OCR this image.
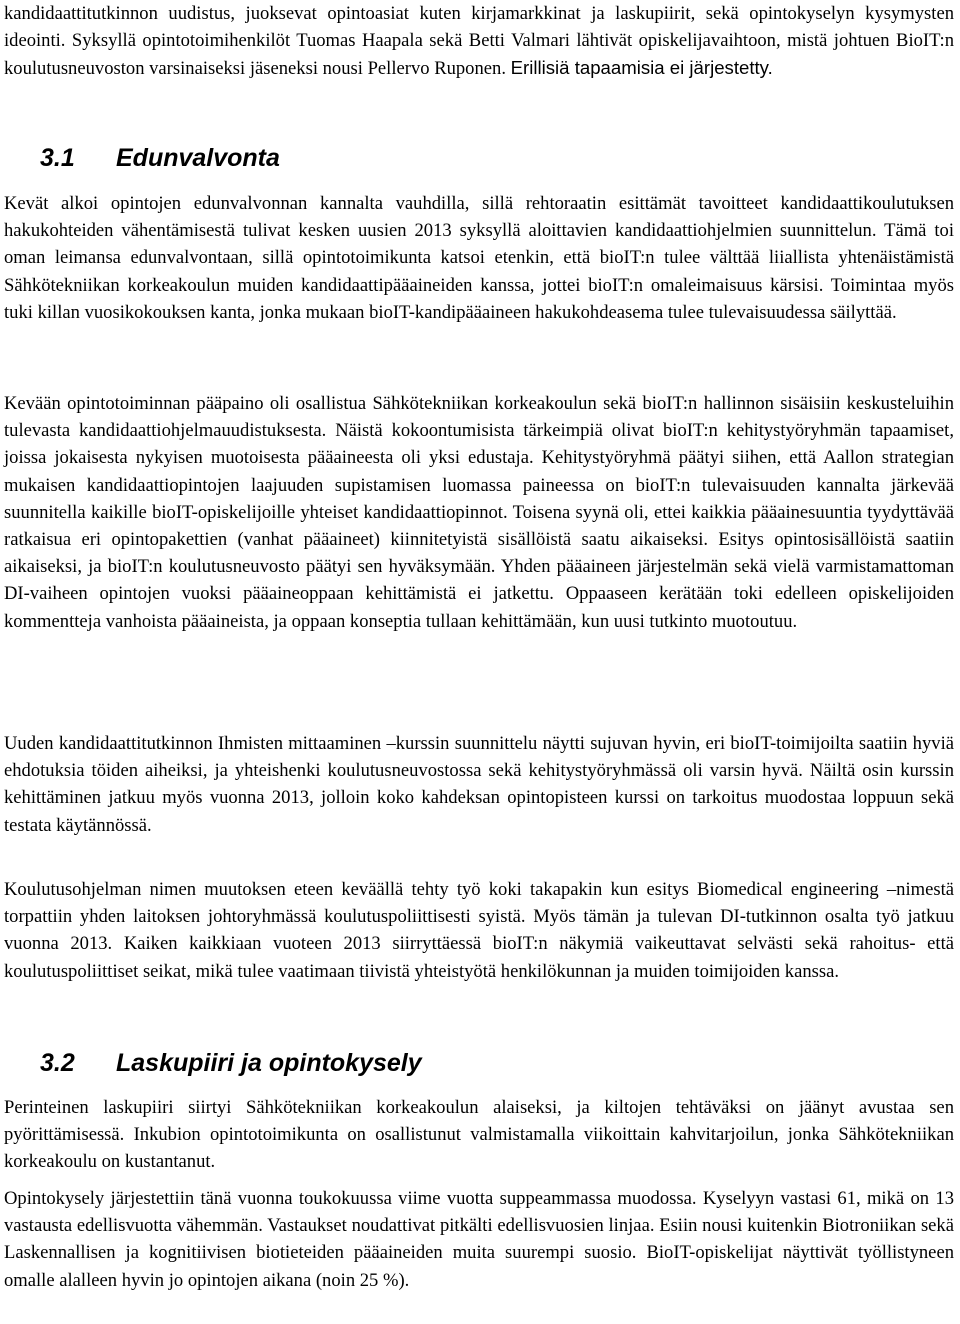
kandidaattitutkinnon uudistus, juoksevat opintoasiat kuten kirjamarkkinat ja laskupiirit, sekä opintokyselyn kysymysten ideointi. Syksyllä opintotoimihenkilöt Tuomas Haapala sekä Betti Valmari lähtivät opiskelijavaihtoon, mistä johtuen BioIT:n koulutusneuvoston varsinaiseksi jäseneksi nousi Pellervo Ruponen. Erillisiä tapaamisia ei järjestetty.

3.1 Edunvalvonta

Kevät alkoi opintojen edunvalvonnan kannalta vauhdilla, sillä rehtoraatin esittämät tavoitteet kandidaattikoulutuksen hakukohteiden vähentämisestä tulivat kesken uusien 2013 syksyllä aloittavien kandidaattiohjelmien suunnittelun. Tämä toi oman leimansa edunvalvontaan, sillä opintotoimikunta katsoi etenkin, että bioIT:n tulee välttää liiallista yhtenäistämistä Sähkötekniikan korkeakoulun muiden kandidaattipääaineiden kanssa, jottei bioIT:n omaleimaisuus kärsisi. Toimintaa myös tuki killan vuosikokouksen kanta, jonka mukaan bioIT-kandipääaineen hakukohdeasema tulee tulevaisuudessa säilyttää.

Kevään opintotoiminnan pääpaino oli osallistua Sähkötekniikan korkeakoulun sekä bioIT:n hallinnon sisäisiin keskusteluihin tulevasta kandidaattiohjelmauudistuksesta. Näistä kokoontumisista tärkeimpiä olivat bioIT:n kehitystyöryhmän tapaamiset, joissa jokaisesta nykyisen muotoisesta pääaineesta oli yksi edustaja. Kehitystyöryhmä päätyi siihen, että Aallon strategian mukaisen kandidaattiopintojen laajuuden supistamisen luomassa paineessa on bioIT:n tulevaisuuden kannalta järkevää suunnitella kaikille bioIT-opiskelijoille yhteiset kandidaattiopinnot. Toisena syynä oli, ettei kaikkia pääainesuuntia tyydyttävää ratkaisua eri opintopakettien (vanhat pääaineet) kiinnitetyistä sisällöistä saatu aikaiseksi. Esitys opintosisällöistä saatiin aikaiseksi, ja bioIT:n koulutusneuvosto päätyi sen hyväksymään. Yhden pääaineen järjestelmän sekä vielä varmistamattoman DI-vaiheen opintojen vuoksi pääaineoppaan kehittämistä ei jatkettu. Oppaaseen kerätään toki edelleen opiskelijoiden kommentteja vanhoista pääaineista, ja oppaan konseptia tullaan kehittämään, kun uusi tutkinto muotoutuu.

Uuden kandidaattitutkinnon Ihmisten mittaaminen –kurssin suunnittelu näytti sujuvan hyvin, eri bioIT-toimijoilta saatiin hyviä ehdotuksia töiden aiheiksi, ja yhteishenki koulutusneuvostossa sekä kehitystyöryhmässä oli varsin hyvä. Näiltä osin kurssin kehittäminen jatkuu myös vuonna 2013, jolloin koko kahdeksan opintopisteen kurssi on tarkoitus muodostaa loppuun sekä testata käytännössä.

Koulutusohjelman nimen muutoksen eteen keväällä tehty työ koki takapakin kun esitys Biomedical engineering –nimestä torpattiin yhden laitoksen johtoryhmässä koulutuspoliittisesti syistä. Myös tämän ja tulevan DI-tutkinnon osalta työ jatkuu vuonna 2013. Kaiken kaikkiaan vuoteen 2013 siirryttäessä bioIT:n näkymiä vaikeuttavat selvästi sekä rahoitus- että koulutuspoliittiset seikat, mikä tulee vaatimaan tiivistä yhteistyötä henkilökunnan ja muiden toimijoiden kanssa.

3.2 Laskupiiri ja opintokysely

Perinteinen laskupiiri siirtyi Sähkötekniikan korkeakoulun alaiseksi, ja kiltojen tehtäväksi on jäänyt avustaa sen pyörittämisessä. Inkubion opintotoimikunta on osallistunut valmistamalla viikoittain kahvitarjoilun, jonka Sähkötekniikan korkeakoulu on kustantanut.

Opintokysely järjestettiin tänä vuonna toukokuussa viime vuotta suppeammassa muodossa. Kyselyyn vastasi 61, mikä on 13 vastausta edellisvuotta vähemmän. Vastaukset noudattivat pitkälti edellisvuosien linjaa. Esiin nousi kuitenkin Biotroniikan sekä Laskennallisen ja kognitiivisen biotieteiden pääaineiden muita suurempi suosio. BioIT-opiskelijat näyttivät työllistyneen omalle alalleen hyvin jo opintojen aikana (noin 25 %).
